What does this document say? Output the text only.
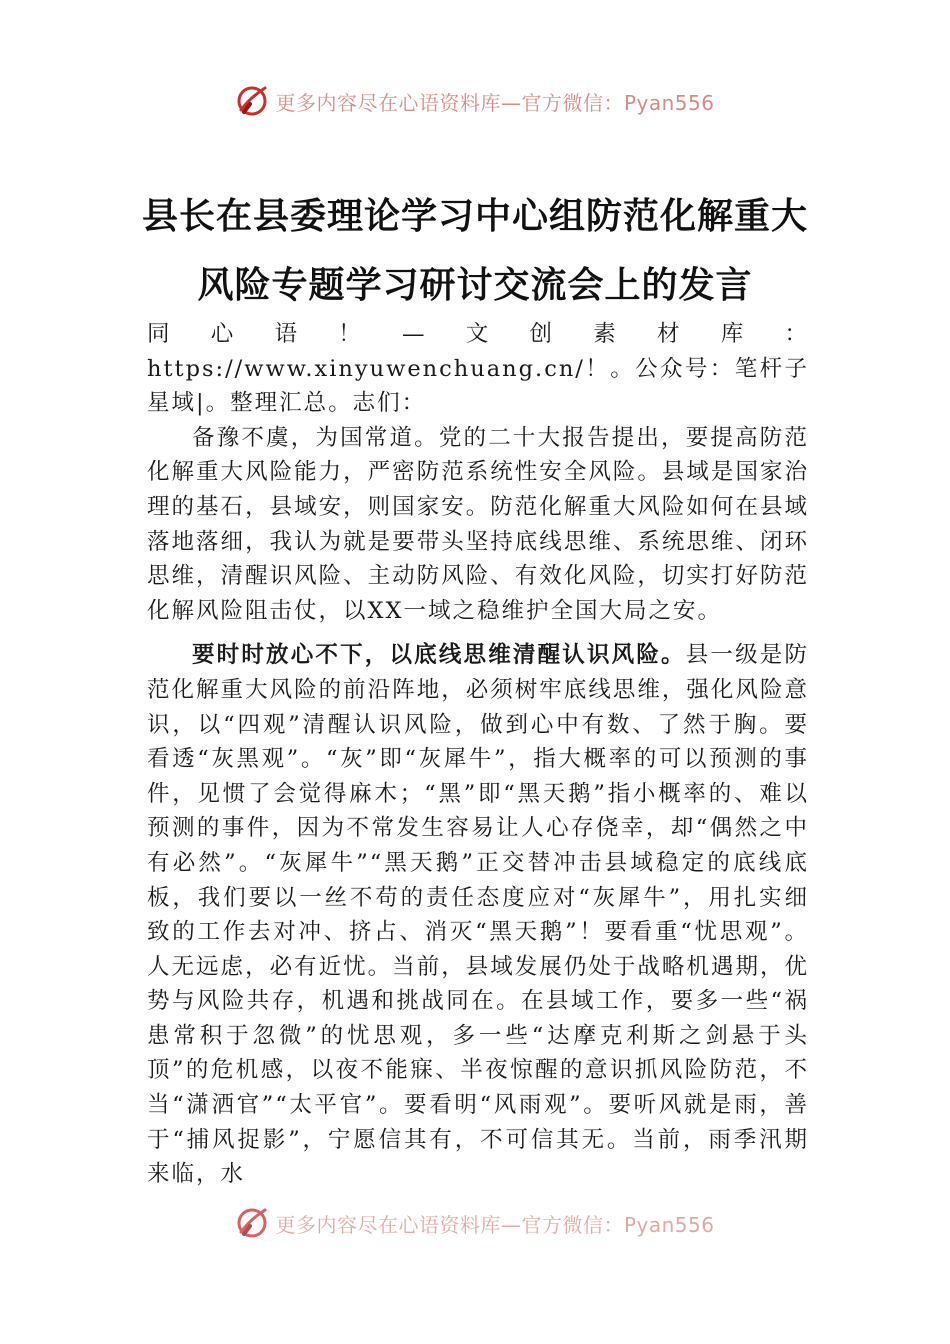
更多内容尽在心语资料库—官方微信：Pyan556
县长在县委理论学习中心组防范化解重大
风险专题学习研讨交流会上的发言

同心语！—文创素材库：https://www.xinyuwenchuang.cn/！。公众号：笔杆子星域|。整理汇总。志们：

备豫不虞，为国常道。党的二十大报告提出，要提高防范化解重大风险能力，严密防范系统性安全风险。县域是国家治理的基石，县域安，则国家安。防范化解重大风险如何在县域落地落细，我认为就是要带头坚持底线思维、系统思维、闭环思维，清醒识风险、主动防风险、有效化风险，切实打好防范化解风险阻击仗，以XX一域之稳维护全国大局之安。

要时时放心不下，以底线思维清醒认识风险。县一级是防范化解重大风险的前沿阵地，必须树牢底线思维，强化风险意识，以“四观”清醒认识风险，做到心中有数、了然于胸。要看透“灰黑观”。“灰”即“灰犀牛”，指大概率的可以预测的事件，见惯了会觉得麻木；“黑”即“黑天鹅”指小概率的、难以预测的事件，因为不常发生容易让人心存侥幸，却“偶然之中有必然”。“灰犀牛”“黑天鹅”正交替冲击县域稳定的底线底板，我们要以一丝不苟的责任态度应对“灰犀牛”，用扎实细致的工作去对冲、挤占、消灭“黑天鹅”！要看重“忧思观”。人无远虑，必有近忧。当前，县域发展仍处于战略机遇期，优势与风险共存，机遇和挑战同在。在县域工作，要多一些“祸患常积于忽微”的忧思观，多一些“达摩克利斯之剑悬于头顶”的危机感，以夜不能寐、半夜惊醒的意识抓风险防范，不当“潇洒官”“太平官”。要看明“风雨观”。要听风就是雨，善于“捕风捉影”，宁愿信其有，不可信其无。当前，雨季汛期来临，水

更多内容尽在心语资料库—官方微信：Pyan556
